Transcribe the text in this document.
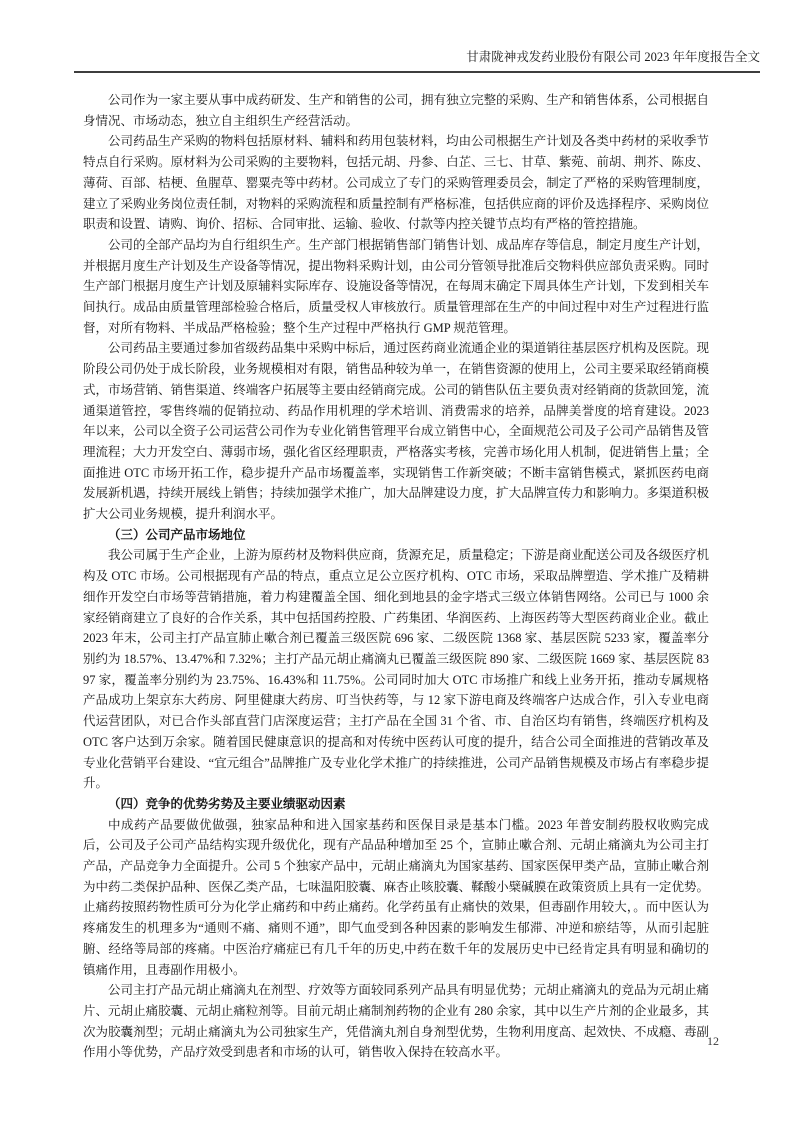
甘肃陇神戎发药业股份有限公司 2023 年年度报告全文

公司作为一家主要从事中成药研发、生产和销售的公司，拥有独立完整的采购、生产和销售体系，公司根据自身情况、市场动态，独立自主组织生产经营活动。

公司药品生产采购的物料包括原材料、辅料和药用包装材料，均由公司根据生产计划及各类中药材的采收季节特点自行采购。原材料为公司采购的主要物料，包括元胡、丹参、白芷、三七、甘草、紫菀、前胡、荆芥、陈皮、薄荷、百部、桔梗、鱼腥草、罂粟壳等中药材。公司成立了专门的采购管理委员会，制定了严格的采购管理制度，建立了采购业务岗位责任制，对物料的采购流程和质量控制有严格标准，包括供应商的评价及选择程序、采购岗位职责和设置、请购、询价、招标、合同审批、运输、验收、付款等内控关键节点均有严格的管控措施。

公司的全部产品均为自行组织生产。生产部门根据销售部门销售计划、成品库存等信息，制定月度生产计划，并根据月度生产计划及生产设备等情况，提出物料采购计划，由公司分管领导批准后交物料供应部负责采购。同时生产部门根据月度生产计划及原辅料实际库存、设施设备等情况，在每周末确定下周具体生产计划，下发到相关车间执行。成品由质量管理部检验合格后，质量受权人审核放行。质量管理部在生产的中间过程中对生产过程进行监督，对所有物料、半成品严格检验；整个生产过程中严格执行 GMP 规范管理。

公司药品主要通过参加省级药品集中采购中标后，通过医药商业流通企业的渠道销往基层医疗机构及医院。现阶段公司仍处于成长阶段，业务规模相对有限，销售品种较为单一，在销售资源的使用上，公司主要采取经销商模式，市场营销、销售渠道、终端客户拓展等主要由经销商完成。公司的销售队伍主要负责对经销商的货款回笼，流通渠道管控，零售终端的促销拉动、药品作用机理的学术培训、消费需求的培养，品牌美誉度的培育建设。2023 年以来，公司以全资子公司运营公司作为专业化销售管理平台成立销售中心，全面规范公司及子公司产品销售及管理流程；大力开发空白、薄弱市场，强化省区经理职责，严格落实考核，完善市场化用人机制，促进销售上量；全面推进 OTC 市场开拓工作，稳步提升产品市场覆盖率，实现销售工作新突破；不断丰富销售模式，紧抓医药电商发展新机遇，持续开展线上销售；持续加强学术推广，加大品牌建设力度，扩大品牌宣传力和影响力。多渠道积极扩大公司业务规模，提升利润水平。

（三）公司产品市场地位

我公司属于生产企业，上游为原药材及物料供应商，货源充足，质量稳定；下游是商业配送公司及各级医疗机构及 OTC 市场。公司根据现有产品的特点，重点立足公立医疗机构、OTC 市场，采取品牌塑造、学术推广及精耕细作开发空白市场等营销措施，着力构建覆盖全国、细化到地县的金字塔式三级立体销售网络。公司已与 1000 余家经销商建立了良好的合作关系，其中包括国药控股、广药集团、华润医药、上海医药等大型医药商业企业。截止 2023 年末，公司主打产品宣肺止嗽合剂已覆盖三级医院 696 家、二级医院 1368 家、基层医院 5233 家，覆盖率分别约为 18.57%、13.47%和 7.32%；主打产品元胡止痛滴丸已覆盖三级医院 890 家、二级医院 1669 家、基层医院 8397 家，覆盖率分别约为 23.75%、16.43%和 11.75%。公司同时加大 OTC 市场推广和线上业务开拓，推动专属规格产品成功上架京东大药房、阿里健康大药房、叮当快药等，与 12 家下游电商及终端客户达成合作，引入专业电商代运营团队，对已合作头部直营门店深度运营；主打产品在全国 31 个省、市、自治区均有销售，终端医疗机构及 OTC 客户达到万余家。随着国民健康意识的提高和对传统中医药认可度的提升，结合公司全面推进的营销改革及专业化营销平台建设、“宜元组合”品牌推广及专业化学术推广的持续推进，公司产品销售规模及市场占有率稳步提升。

（四）竞争的优势劣势及主要业绩驱动因素

中成药产品要做优做强，独家品种和进入国家基药和医保目录是基本门槛。2023 年普安制药股权收购完成后，公司及子公司产品结构实现升级优化，现有产品品种增加至 25 个，宣肺止嗽合剂、元胡止痛滴丸为公司主打产品，产品竞争力全面提升。公司 5 个独家产品中，元胡止痛滴丸为国家基药、国家医保甲类产品，宣肺止嗽合剂为中药二类保护品种、医保乙类产品，七味温阳胶囊、麻杏止咳胶囊、鞣酸小檗碱膜在政策资质上具有一定优势。止痛药按照药物性质可分为化学止痛药和中药止痛药。化学药虽有止痛快的效果，但毒副作用较大，。而中医认为疼痛发生的机理多为“通则不痛、痛则不通”，即气血受到各种因素的影响发生郁滞、冲逆和瘀结等，从而引起脏腑、经络等局部的疼痛。中医治疗痛症已有几千年的历史,中药在数千年的发展历史中已经肯定具有明显和确切的镇痛作用，且毒副作用极小。

公司主打产品元胡止痛滴丸在剂型、疗效等方面较同系列产品具有明显优势；元胡止痛滴丸的竞品为元胡止痛片、元胡止痛胶囊、元胡止痛粒剂等。目前元胡止痛制剂药物的企业有 280 余家，其中以生产片剂的企业最多，其次为胶囊剂型；元胡止痛滴丸为公司独家生产，凭借滴丸剂自身剂型优势，生物利用度高、起效快、不成瘾、毒副作用小等优势，产品疗效受到患者和市场的认可，销售收入保持在较高水平。

12
